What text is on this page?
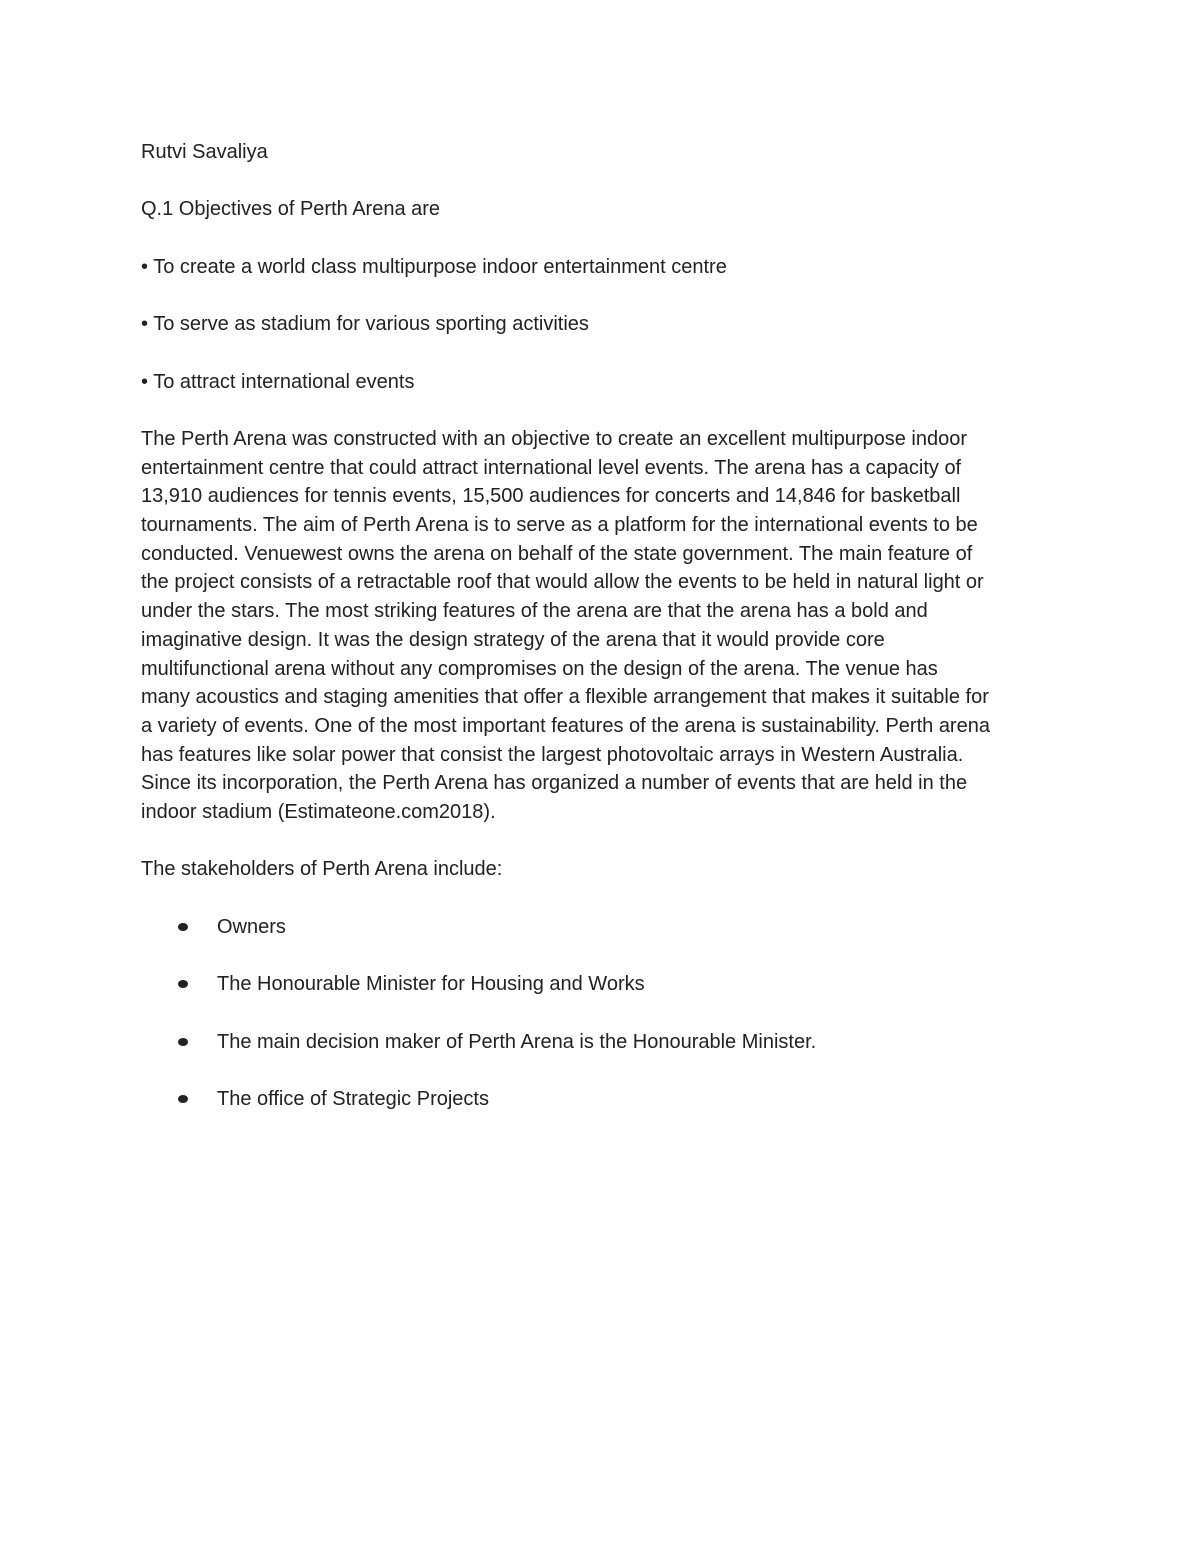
Rutvi Savaliya

Q.1 Objectives of Perth Arena are

• To create a world class multipurpose indoor entertainment centre

• To serve as stadium for various sporting activities

• To attract international events

The Perth Arena was constructed with an objective to create an excellent multipurpose indoor
entertainment centre that could attract international level events. The arena has a capacity of
13,910 audiences for tennis events, 15,500 audiences for concerts and 14,846 for basketball
tournaments. The aim of Perth Arena is to serve as a platform for the international events to be
conducted. Venuewest owns the arena on behalf of the state government. The main feature of
the project consists of a retractable roof that would allow the events to be held in natural light or
under the stars. The most striking features of the arena are that the arena has a bold and
imaginative design. It was the design strategy of the arena that it would provide core
multifunctional arena without any compromises on the design of the arena. The venue has
many acoustics and staging amenities that offer a flexible arrangement that makes it suitable for
a variety of events. One of the most important features of the arena is sustainability. Perth arena
has features like solar power that consist the largest photovoltaic arrays in Western Australia.
Since its incorporation, the Perth Arena has organized a number of events that are held in the
indoor stadium (Estimateone.com2018).

The stakeholders of Perth Arena include:

Owners
The Honourable Minister for Housing and Works
The main decision maker of Perth Arena is the Honourable Minister.
The office of Strategic Projects
